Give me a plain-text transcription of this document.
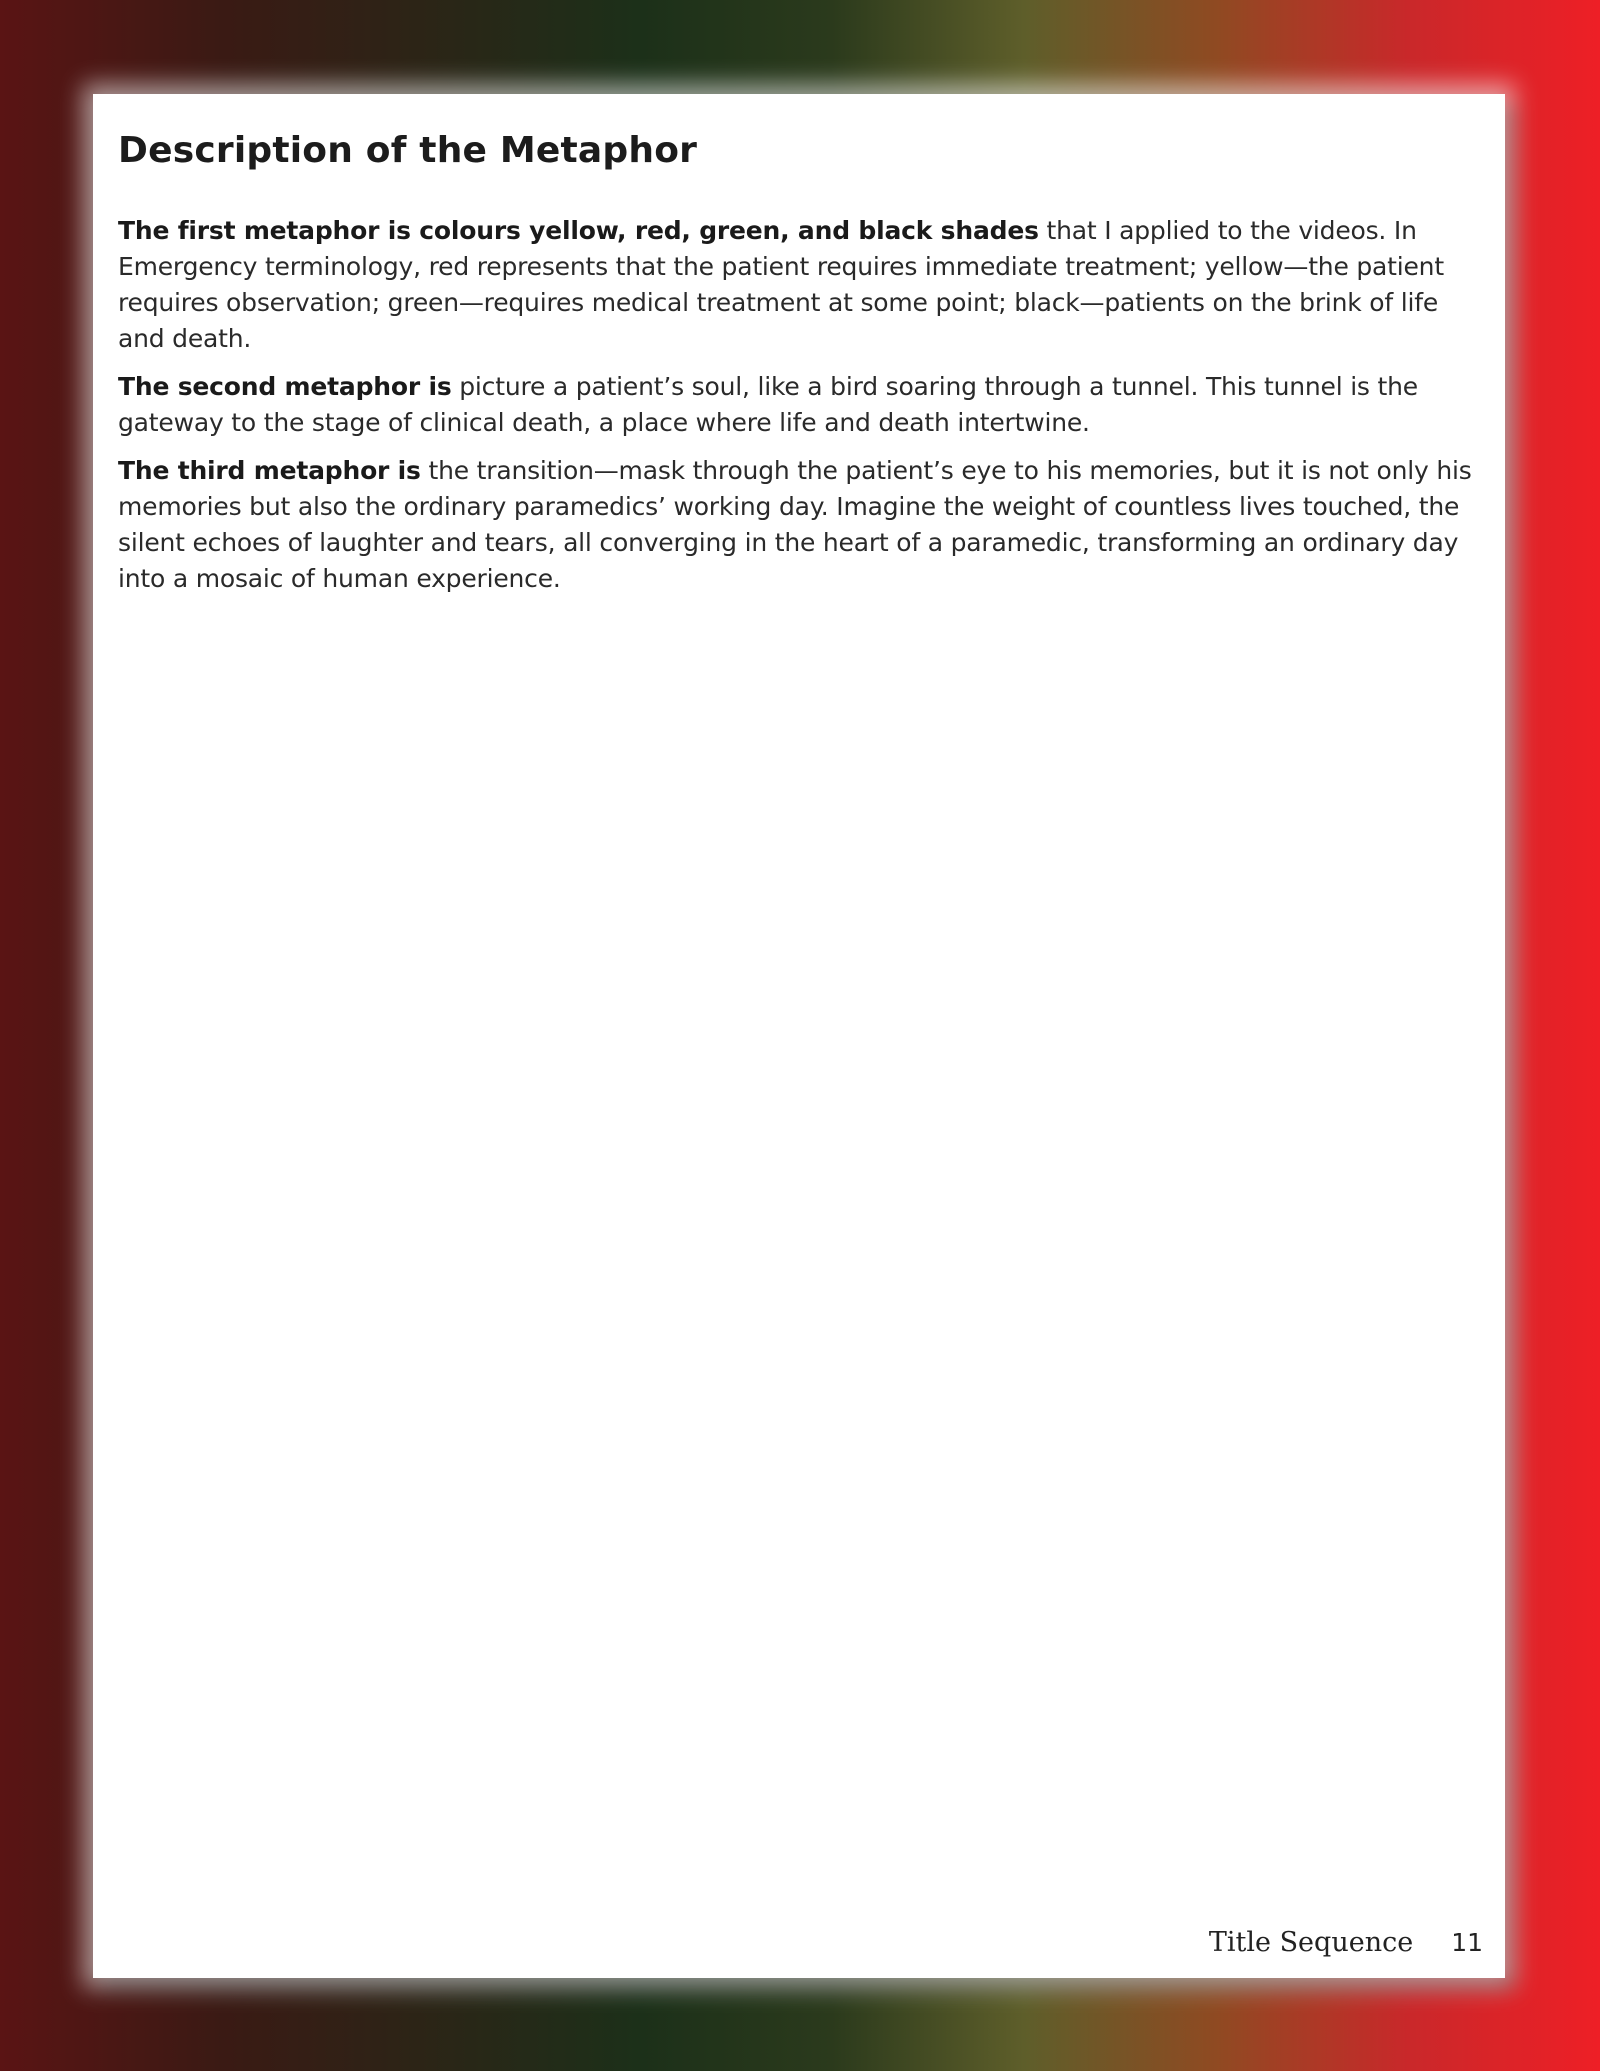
Description of the Metaphor

The first metaphor is colours yellow, red, green, and black shades that I applied to the videos. In Emergency terminology, red represents that the patient requires immediate treatment; yellow—the patient requires observation; green—requires medical treatment at some point; black—patients on the brink of life and death.

The second metaphor is picture a patient’s soul, like a bird soaring through a tunnel. This tunnel is the gateway to the stage of clinical death, a place where life and death intertwine.

The third metaphor is the transition—mask through the patient’s eye to his memories, but it is not only his memories but also the ordinary paramedics’ working day. Imagine the weight of countless lives touched, the silent echoes of laughter and tears, all converging in the heart of a paramedic, transforming an ordinary day into a mosaic of human experience.

Title Sequence 11
